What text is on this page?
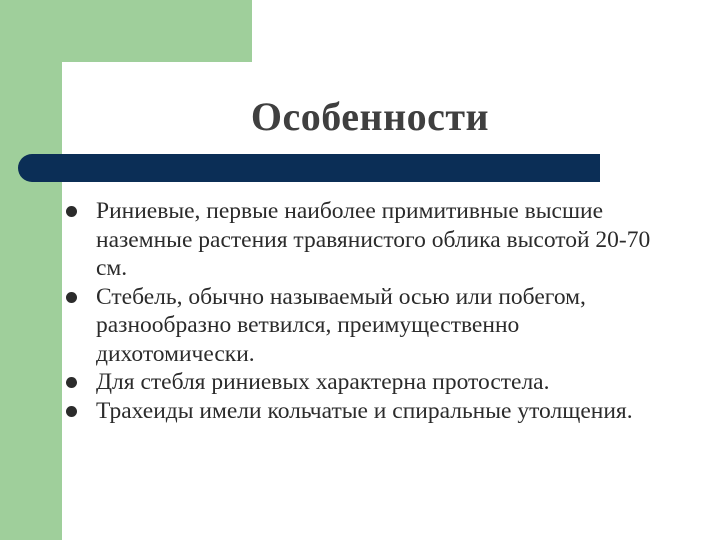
Особенности
Риниевые, первые наиболее примитивные высшие наземные растения травянистого облика высотой 20-70 см.
Стебель, обычно называемый осью или побегом, разнообразно ветвился, преимущественно дихотомически.
Для стебля риниевых характерна протостела.
Трахеиды имели кольчатые и спиральные утолщения.
